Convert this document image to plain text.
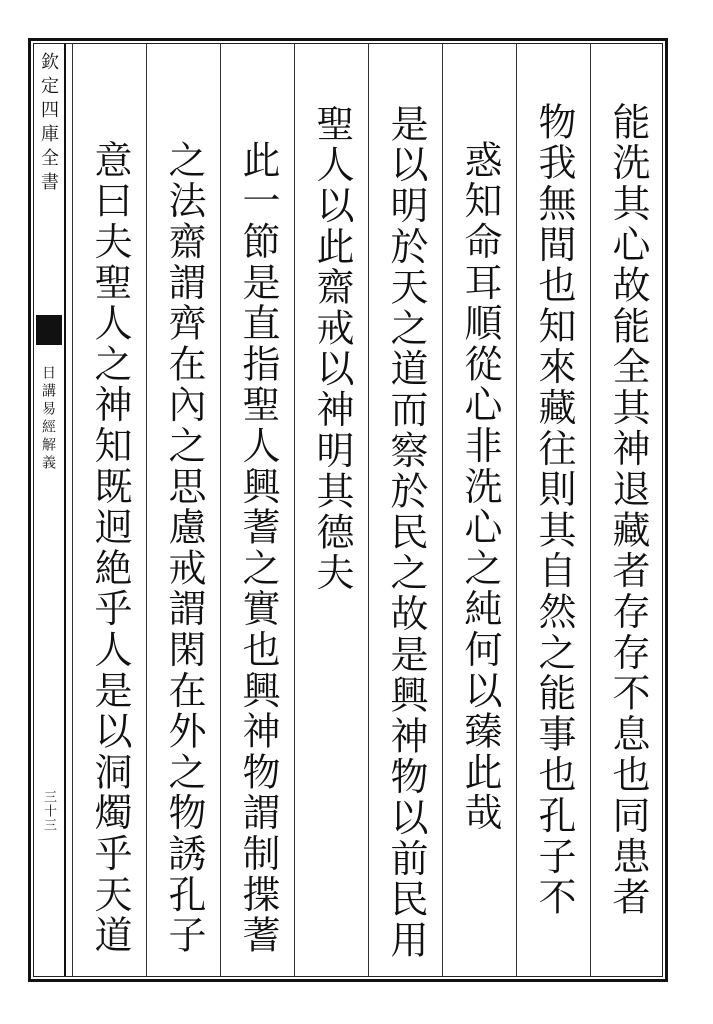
欽定四庫全書
日講易經解義
三十三	能洗其心故能全其神退藏者存存不息也同患者
物我無間也知來藏往則其自然之能事也孔子不
惑知命耳順從心非洗心之純何以臻此哉
是以明於天之道而察於民之故是興神物以前民用
聖人以此齋戒以神明其德夫
此一節是直指聖人興蓍之實也興神物謂制揲蓍
之法齋謂齊在內之思慮戒謂閑在外之物誘孔子
意曰夫聖人之神知既迥絶乎人是以洞燭乎天道
